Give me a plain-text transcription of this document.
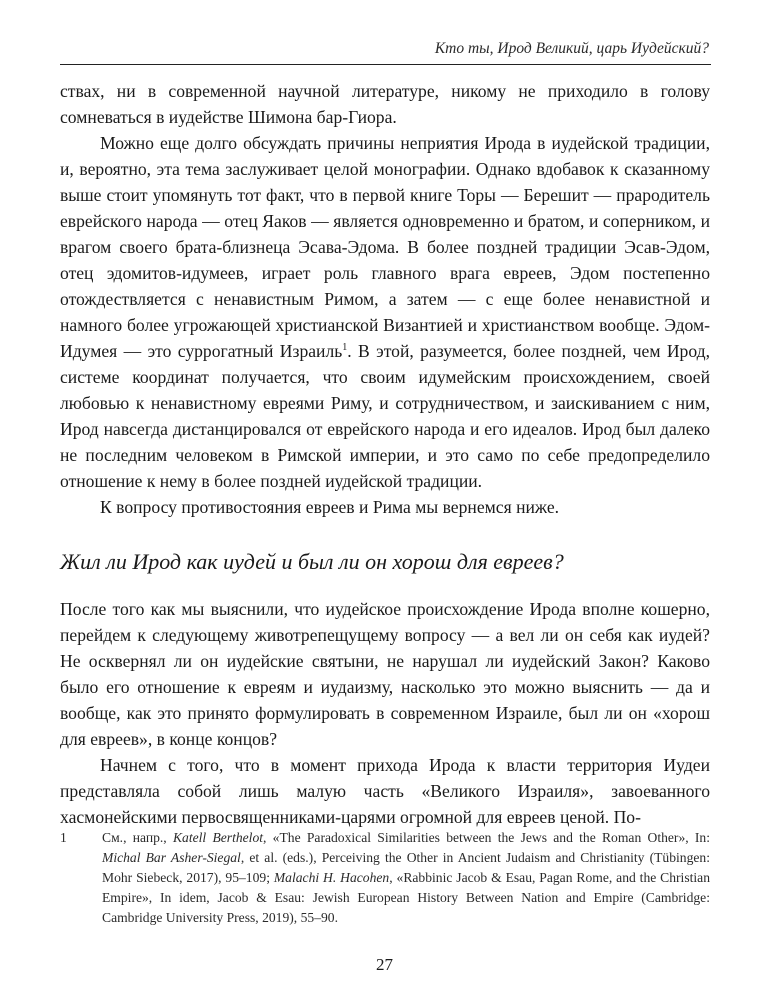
Кто ты, Ирод Великий, царь Иудейский?

ствах, ни в современной научной литературе, никому не приходило в голову сомневаться в иудействе Шимона бар-Гиора.

Можно еще долго обсуждать причины неприятия Ирода в иудейской традиции, и, вероятно, эта тема заслуживает целой монографии. Однако вдобавок к сказанному выше стоит упомянуть тот факт, что в первой книге Торы — Берешит — прародитель еврейского народа — отец Яаков — является одновременно и братом, и соперником, и врагом своего брата-близнеца Эсава-Эдома. В более поздней традиции Эсав-Эдом, отец эдомитов-идумеев, играет роль главного врага евреев, Эдом постепенно отождествляется с ненавистным Римом, а затем — с еще более ненавистной и намного более угрожающей христианской Византией и христианством вообще. Эдом-Идумея — это суррогатный Израиль$^1$. В этой, разумеется, более поздней, чем Ирод, системе координат получается, что своим идумейским происхождением, своей любовью к ненавистному евреями Риму, и сотрудничеством, и заискиванием с ним, Ирод навсегда дистанцировался от еврейского народа и его идеалов. Ирод был далеко не последним человеком в Римской империи, и это само по себе предопределило отношение к нему в более поздней иудейской традиции.

К вопросу противостояния евреев и Рима мы вернемся ниже.

Жил ли Ирод как иудей и был ли он хорош для евреев?

После того как мы выяснили, что иудейское происхождение Ирода вполне кошерно, перейдем к следующему животрепещущему вопросу — а вел ли он себя как иудей? Не осквернял ли он иудейские святыни, не нарушал ли иудейский Закон? Каково было его отношение к евреям и иудаизму, насколько это можно выяснить — да и вообще, как это принято формулировать в современном Израиле, был ли он «хорош для евреев», в конце концов?

Начнем с того, что в момент прихода Ирода к власти территория Иудеи представляла собой лишь малую часть «Великого Израиля», завоеванного хасмонейскими первосвященниками-царями огромной для евреев ценой. По-

1	См., напр., Katell Berthelot, «The Paradoxical Similarities between the Jews and the Roman Other», In: Michal Bar Asher-Siegal, et al. (eds.), Perceiving the Other in Ancient Judaism and Christianity (Tübingen: Mohr Siebeck, 2017), 95–109; Malachi H. Hacohen, «Rabbinic Jacob & Esau, Pagan Rome, and the Christian Empire», In idem, Jacob & Esau: Jewish European History Between Nation and Empire (Cambridge: Cambridge University Press, 2019), 55–90.
27
